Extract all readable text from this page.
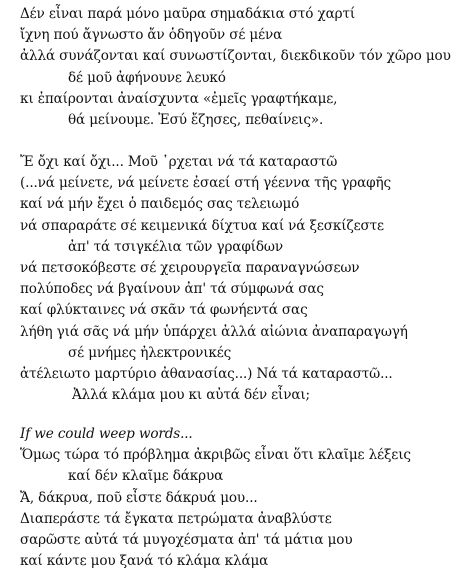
Δέν εἶναι παρά μόνο μαῦρα σημαδάκια στό χαρτί
ἴχνη πού ἄγνωστο ἄν ὁδηγοῦν σέ μένα
ἀλλά συνάζονται καί συνωστίζονται, διεκδικοῦν τόν χῶρο μου
δέ μοῦ ἀφήνουνε λευκό
κι ἐπαίρονται ἀναίσχυντα «ἐμεῖς γραφτήκαμε,
θά μείνουμε. Ἐσύ ἔζησες, πεθαίνεις».
Ἔ ὄχι καί ὄχι... Μοῦ ῾ρχεται νά τά καταραστῶ
(...νά μείνετε, νά μείνετε ἐσαεί στή γέεννα τῆς γραφῆς
καί νά μήν ἔχει ὁ παιδεμός σας τελειωμό
νά σπαραράτε σέ κειμενικά δίχτυα καί νά ξεσκίζεστε
ἀπ' τά τσιγκέλια τῶν γραφίδων
νά πετσοκόβεστε σέ χειρουργεῖα παραναγνώσεων
πολύποδες νά βγαίνουν ἀπ' τά σύμφωνά σας
καί φλύκταινες νά σκᾶν τά φωνήεντά σας
λήθη γιά σᾶς νά μήν ὑπάρχει ἀλλά αἰώνια ἀναπαραγωγή
σέ μνήμες ἠλεκτρονικές
ἀτέλειωτο μαρτύριο ἀθανασίας...) Νά τά καταραστῶ...
Ἀλλά κλάμα μου κι αὐτά δέν εἶναι;
If we could weep words...
Ὅμως τώρα τό πρόβλημα ἀκριβῶς εἶναι ὅτι κλαῖμε λέξεις
καί δέν κλαῖμε δάκρυα
Ἄ, δάκρυα, ποῦ εἶστε δάκρυά μου...
Διαπεράστε τά ἔγκατα πετρώματα ἀναβλύστε
σαρῶστε αὐτά τά μυγοχέσματα ἀπ' τά μάτια μου
καί κάντε μου ξανά τό κλάμα κλάμα
